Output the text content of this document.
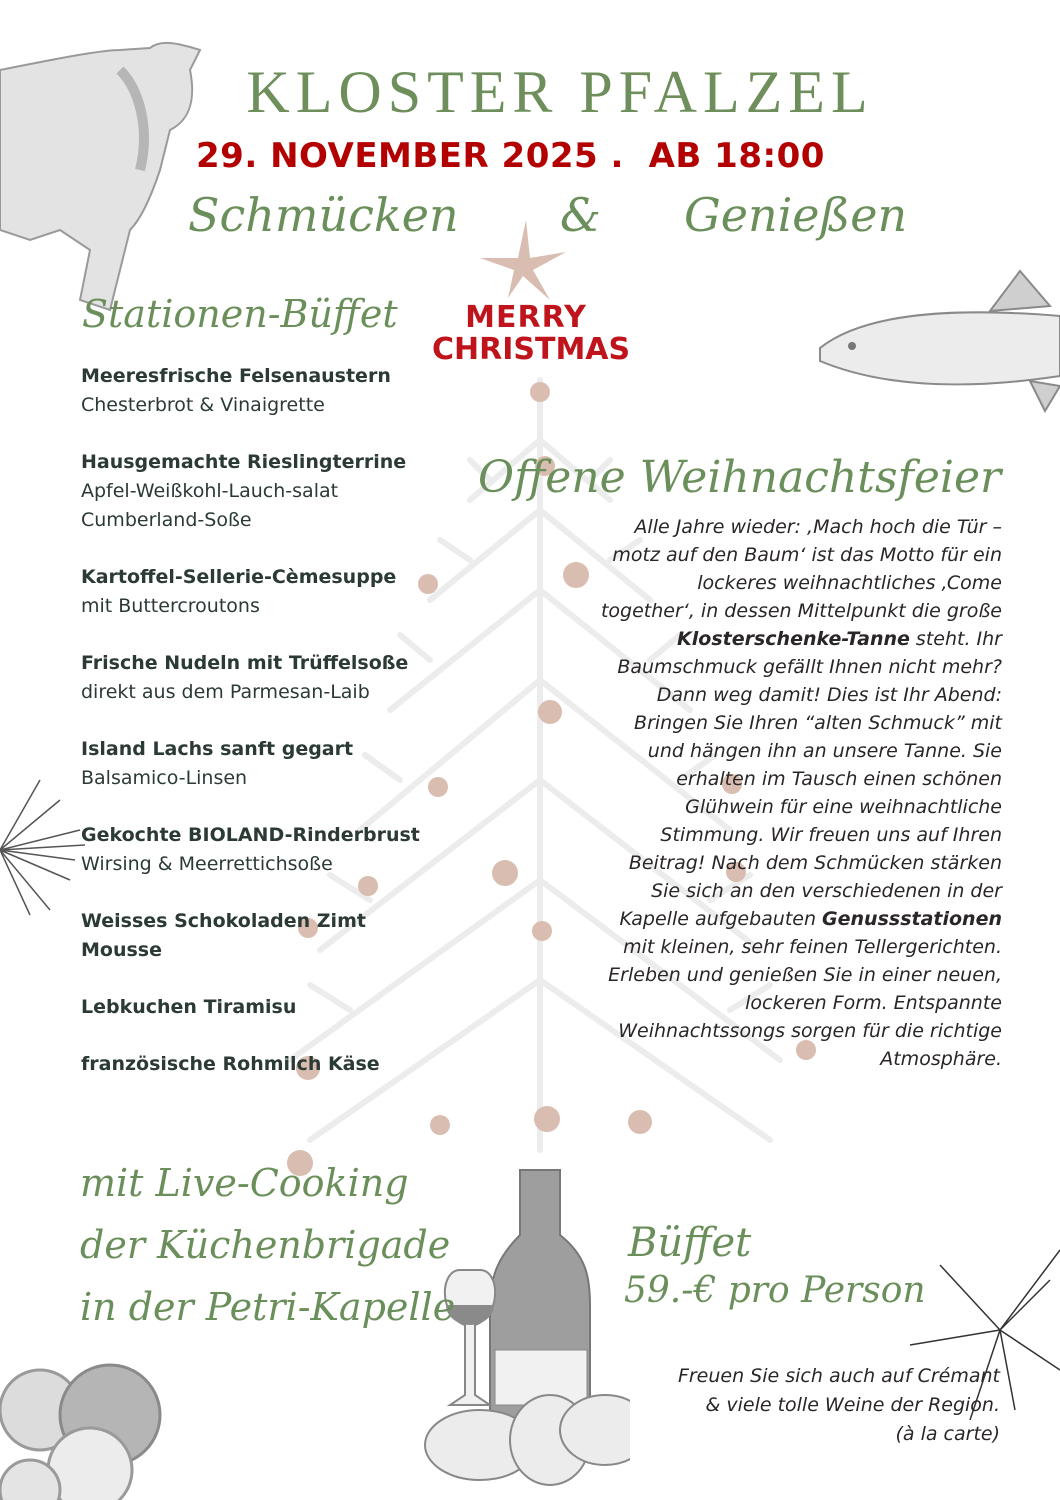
KLOSTER PFALZEL
29. NOVEMBER 2025 .  AB 18:00
Schmücken & Genießen
MERRY
CHRISTMAS
Stationen-Büffet
Meeresfrische Felsenaustern
Chesterbrot & Vinaigrette
Hausgemachte Rieslingterrine
Apfel-Weißkohl-Lauch-salat
Cumberland-Soße
Kartoffel-Sellerie-Cèmesuppe
mit Buttercroutons
Frische Nudeln mit Trüffelsoße
direkt aus dem Parmesan-Laib
Island Lachs sanft gegart
Balsamico-Linsen
Gekochte BIOLAND-Rinderbrust
Wirsing & Meerrettichsoße
Weisses Schokoladen Zimt
Mousse
Lebkuchen Tiramisu
französische Rohmilch Käse
mit Live-Cooking
der Küchenbrigade
in der Petri-Kapelle
Offene Weihnachtsfeier
Alle Jahre wieder: ‚Mach hoch die Tür – motz auf den Baum‘ ist das Motto für ein lockeres weihnachtliches ‚Come together‘, in dessen Mittelpunkt die große Klosterschenke-Tanne steht. Ihr Baumschmuck gefällt Ihnen nicht mehr? Dann weg damit! Dies ist Ihr Abend: Bringen Sie Ihren “alten Schmuck” mit und hängen ihn an unsere Tanne. Sie erhalten im Tausch einen schönen Glühwein für eine weihnachtliche Stimmung. Wir freuen uns auf Ihren Beitrag! Nach dem Schmücken stärken Sie sich an den verschiedenen in der Kapelle aufgebauten Genussstationen mit kleinen, sehr feinen Tellergerichten. Erleben und genießen Sie in einer neuen, lockeren Form. Entspannte Weihnachtssongs sorgen für die richtige Atmosphäre.
Büffet
59.-€ pro Person
Freuen Sie sich auch auf Crémant
& viele tolle Weine der Region.
(à la carte)
